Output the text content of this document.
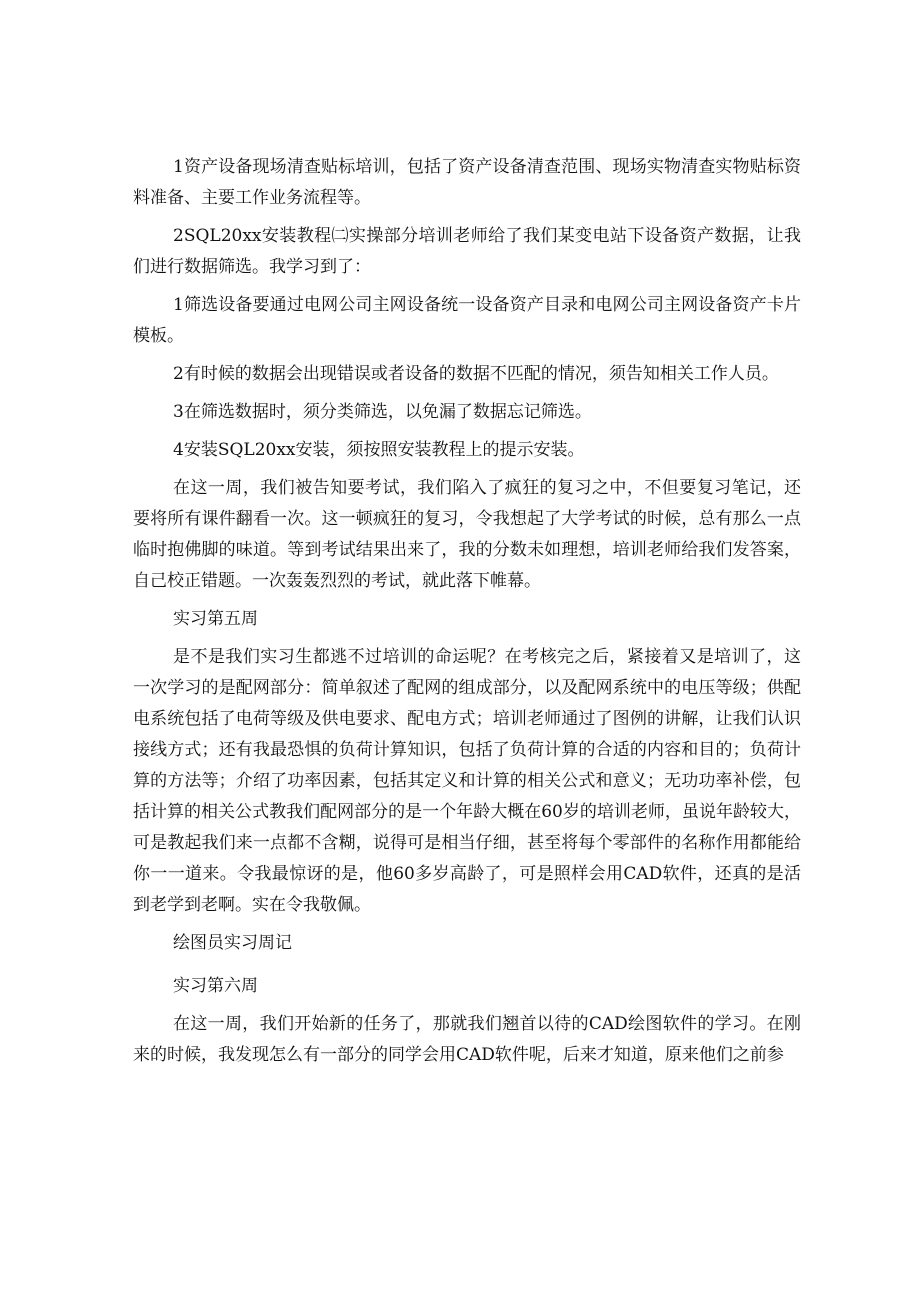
1资产设备现场清查贴标培训，包括了资产设备清查范围、现场实物清查实物贴标资料准备、主要工作业务流程等。

2SQL20xx安装教程㈡实操部分培训老师给了我们某变电站下设备资产数据，让我们进行数据筛选。我学习到了：

1筛选设备要通过电网公司主网设备统一设备资产目录和电网公司主网设备资产卡片模板。

2有时候的数据会出现错误或者设备的数据不匹配的情况，须告知相关工作人员。

3在筛选数据时，须分类筛选，以免漏了数据忘记筛选。

4安装SQL20xx安装，须按照安装教程上的提示安装。

在这一周，我们被告知要考试，我们陷入了疯狂的复习之中，不但要复习笔记，还要将所有课件翻看一次。这一顿疯狂的复习，令我想起了大学考试的时候，总有那么一点临时抱佛脚的味道。等到考试结果出来了，我的分数未如理想，培训老师给我们发答案，自己校正错题。一次轰轰烈烈的考试，就此落下帷幕。

实习第五周

是不是我们实习生都逃不过培训的命运呢？在考核完之后，紧接着又是培训了，这一次学习的是配网部分：简单叙述了配网的组成部分，以及配网系统中的电压等级；供配电系统包括了电荷等级及供电要求、配电方式；培训老师通过了图例的讲解，让我们认识接线方式；还有我最恐惧的负荷计算知识，包括了负荷计算的合适的内容和目的；负荷计算的方法等；介绍了功率因素，包括其定义和计算的相关公式和意义；无功功率补偿，包括计算的相关公式教我们配网部分的是一个年龄大概在60岁的培训老师，虽说年龄较大，可是教起我们来一点都不含糊，说得可是相当仔细，甚至将每个零部件的名称作用都能给你一一道来。令我最惊讶的是，他60多岁高龄了，可是照样会用CAD软件，还真的是活到老学到老啊。实在令我敬佩。

绘图员实习周记

实习第六周

在这一周，我们开始新的任务了，那就我们翘首以待的CAD绘图软件的学习。在刚来的时候，我发现怎么有一部分的同学会用CAD软件呢，后来才知道，原来他们之前参
